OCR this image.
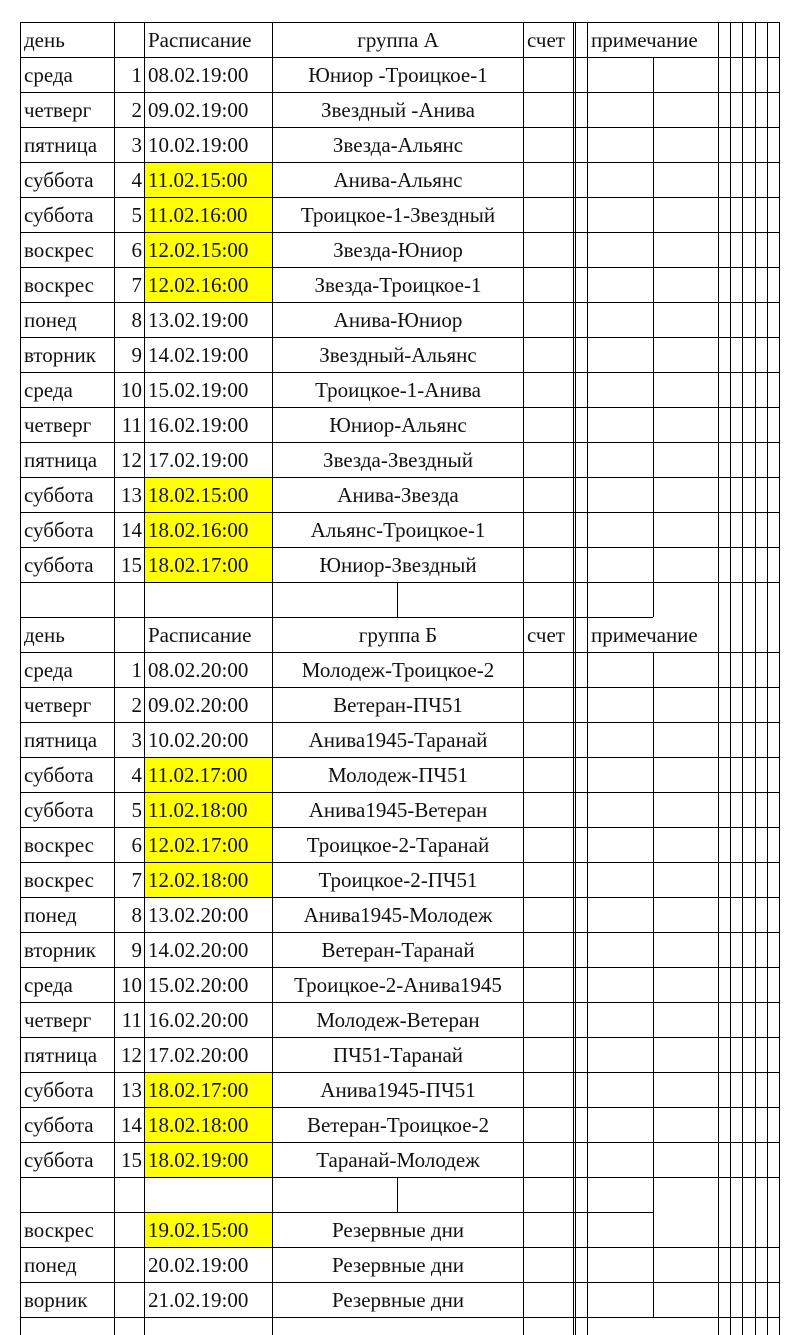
день	Расписание	группа А	счет	примечание
среда	1 08.02.19:00	Юниор -Троицкое-1
четверг	2 09.02.19:00	Звездный -Анива
пятница	3 10.02.19:00	Звезда-Альянс
суббота	4 11.02.15:00	Анива-Альянс
суббота	5 11.02.16:00	Троицкое-1-Звездный
воскрес	6 12.02.15:00	Звезда-Юниор
воскрес	7 12.02.16:00	Звезда-Троицкое-1
понед	8 13.02.19:00	Анива-Юниор
вторник	9 14.02.19:00	Звездный-Альянс
среда	10 15.02.19:00	Троицкое-1-Анива
четверг	11 16.02.19:00	Юниор-Альянс
пятница	12 17.02.19:00	Звезда-Звездный
суббота	13 18.02.15:00	Анива-Звезда
суббота	14 18.02.16:00	Альянс-Троицкое-1
суббота	15 18.02.17:00	Юниор-Звездный
день	Расписание	группа Б	счет	примечание
среда	1 08.02.20:00	Молодеж-Троицкое-2
четверг	2 09.02.20:00	Ветеран-ПЧ51
пятница	3 10.02.20:00	Анива1945-Таранай
суббота	4 11.02.17:00	Молодеж-ПЧ51
суббота	5 11.02.18:00	Анива1945-Ветеран
воскрес	6 12.02.17:00	Троицкое-2-Таранай
воскрес	7 12.02.18:00	Троицкое-2-ПЧ51
понед	8 13.02.20:00	Анива1945-Молодеж
вторник	9 14.02.20:00	Ветеран-Таранай
среда	10 15.02.20:00	Троицкое-2-Анива1945
четверг	11 16.02.20:00	Молодеж-Ветеран
пятница	12 17.02.20:00	ПЧ51-Таранай
суббота	13 18.02.17:00	Анива1945-ПЧ51
суббота	14 18.02.18:00	Ветеран-Троицкое-2
суббота	15 18.02.19:00	Таранай-Молодеж
воскрес	19.02.15:00	Резервные дни
понед	20.02.19:00	Резервные дни
ворник	21.02.19:00	Резервные дни
